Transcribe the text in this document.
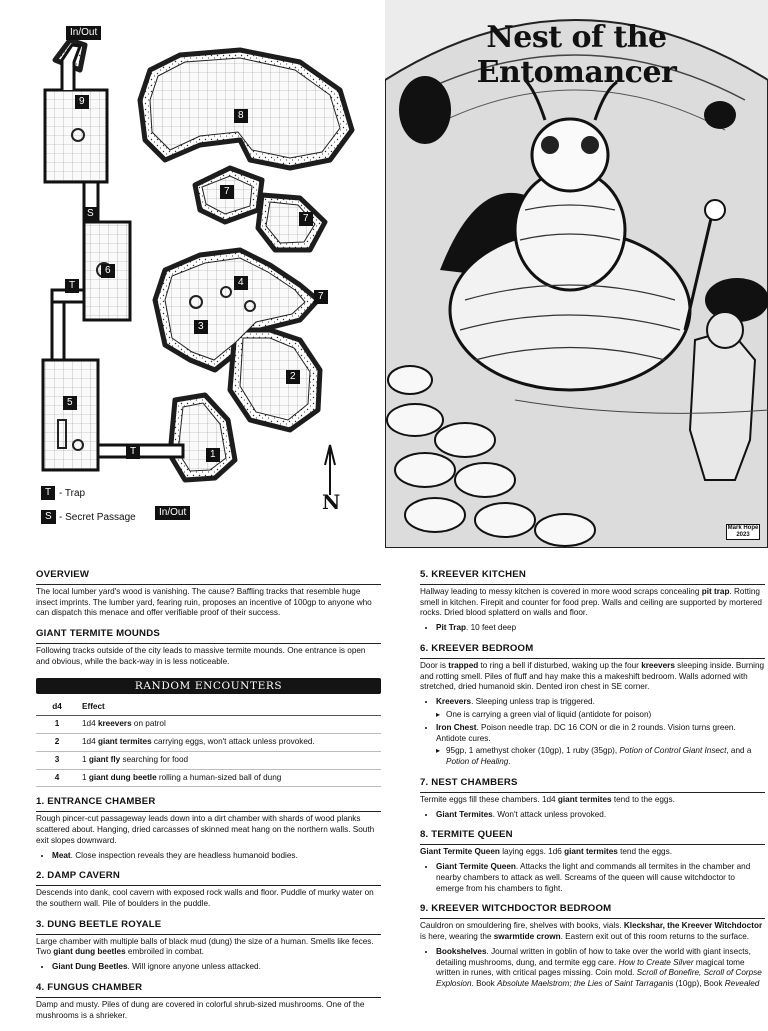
In/Out
In/Out
9
8
7
7
7
6
4
3
2
5
1
S
T
T
T - Trap
S - Secret Passage
N
Nest of the Entomancer
Mark Hope 2023
OVERVIEW

The local lumber yard's wood is vanishing. The cause? Baffling tracks that resemble huge insect imprints. The lumber yard, fearing ruin, proposes an incentive of 100gp to anyone who can dispatch this menace and offer verifiable proof of their success.

GIANT TERMITE MOUNDS

Following tracks outside of the city leads to massive termite mounds. One entrance is open and obvious, while the back-way in is less noticeable.

RANDOM ENCOUNTERS
d4	Effect
1	1d4 kreevers on patrol
2	1d4 giant termites carrying eggs, won't attack unless provoked.
3	1 giant fly searching for food
4	1 giant dung beetle rolling a human-sized ball of dung
1. ENTRANCE CHAMBER

Rough pincer-cut passageway leads down into a dirt chamber with shards of wood planks scattered about. Hanging, dried carcasses of skinned meat hang on the northern walls. South exit slopes downward.

• Meat. Close inspection reveals they are headless humanoid bodies.
2. DAMP CAVERN

Descends into dank, cool cavern with exposed rock walls and floor. Puddle of murky water on the southern wall. Pile of boulders in the puddle.

3. DUNG BEETLE ROYALE

Large chamber with multiple balls of black mud (dung) the size of a human. Smells like feces. Two giant dung beetles embroiled in combat.

• Giant Dung Beetles. Will ignore anyone unless attacked.
4. FUNGUS CHAMBER

Damp and musty. Piles of dung are covered in colorful shrub-sized mushrooms. One of the mushrooms is a shrieker.

5. KREEVER KITCHEN

Hallway leading to messy kitchen is covered in more wood scraps concealing pit trap. Rotting smell in kitchen. Firepit and counter for food prep. Walls and ceiling are supported by mortered rocks. Dried blood splatterd on walls and floor.

• Pit Trap. 10 feet deep
6. KREEVER BEDROOM

Door is trapped to ring a bell if disturbed, waking up the four kreevers sleeping inside. Burning and rotting smell. Piles of fluff and hay make this a makeshift bedroom. Walls adorned with stretched, dried humanoid skin. Dented iron chest in SE corner.

• Kreevers. Sleeping unless trap is triggered.
▸ One is carrying a green vial of liquid (antidote for poison)
• Iron Chest. Poison needle trap. DC 16 CON or die in 2 rounds. Vision turns green. Antidote cures.
▸ 95gp, 1 amethyst choker (10gp), 1 ruby (35gp), Potion of Control Giant Insect, and a Potion of Healing.
7. NEST CHAMBERS

Termite eggs fill these chambers. 1d4 giant termites tend to the eggs.

• Giant Termites. Won't attack unless provoked.
8. TERMITE QUEEN

Giant Termite Queen laying eggs. 1d6 giant termites tend the eggs.

• Giant Termite Queen. Attacks the light and commands all termites in the chamber and nearby chambers to attack as well. Screams of the queen will cause witchdoctor to emerge from his chambers to fight.
9. KREEVER WITCHDOCTOR BEDROOM

Cauldron on smouldering fire, shelves with books, vials. Kleckshar, the Kreever Witchdoctor is here, wearing the swarmtide crown. Eastern exit out of this room returns to the surface.

• Bookshelves. Journal written in goblin of how to take over the world with giant insects, detailing mushrooms, dung, and termite egg care. How to Create Silver magical tome written in runes, with critical pages missing. Coin mold. Scroll of Bonefire, Scroll of Corpse Explosion. Book Absolute Maelstrom; the Lies of Saint Tarraganis (10gp), Book Revealed
